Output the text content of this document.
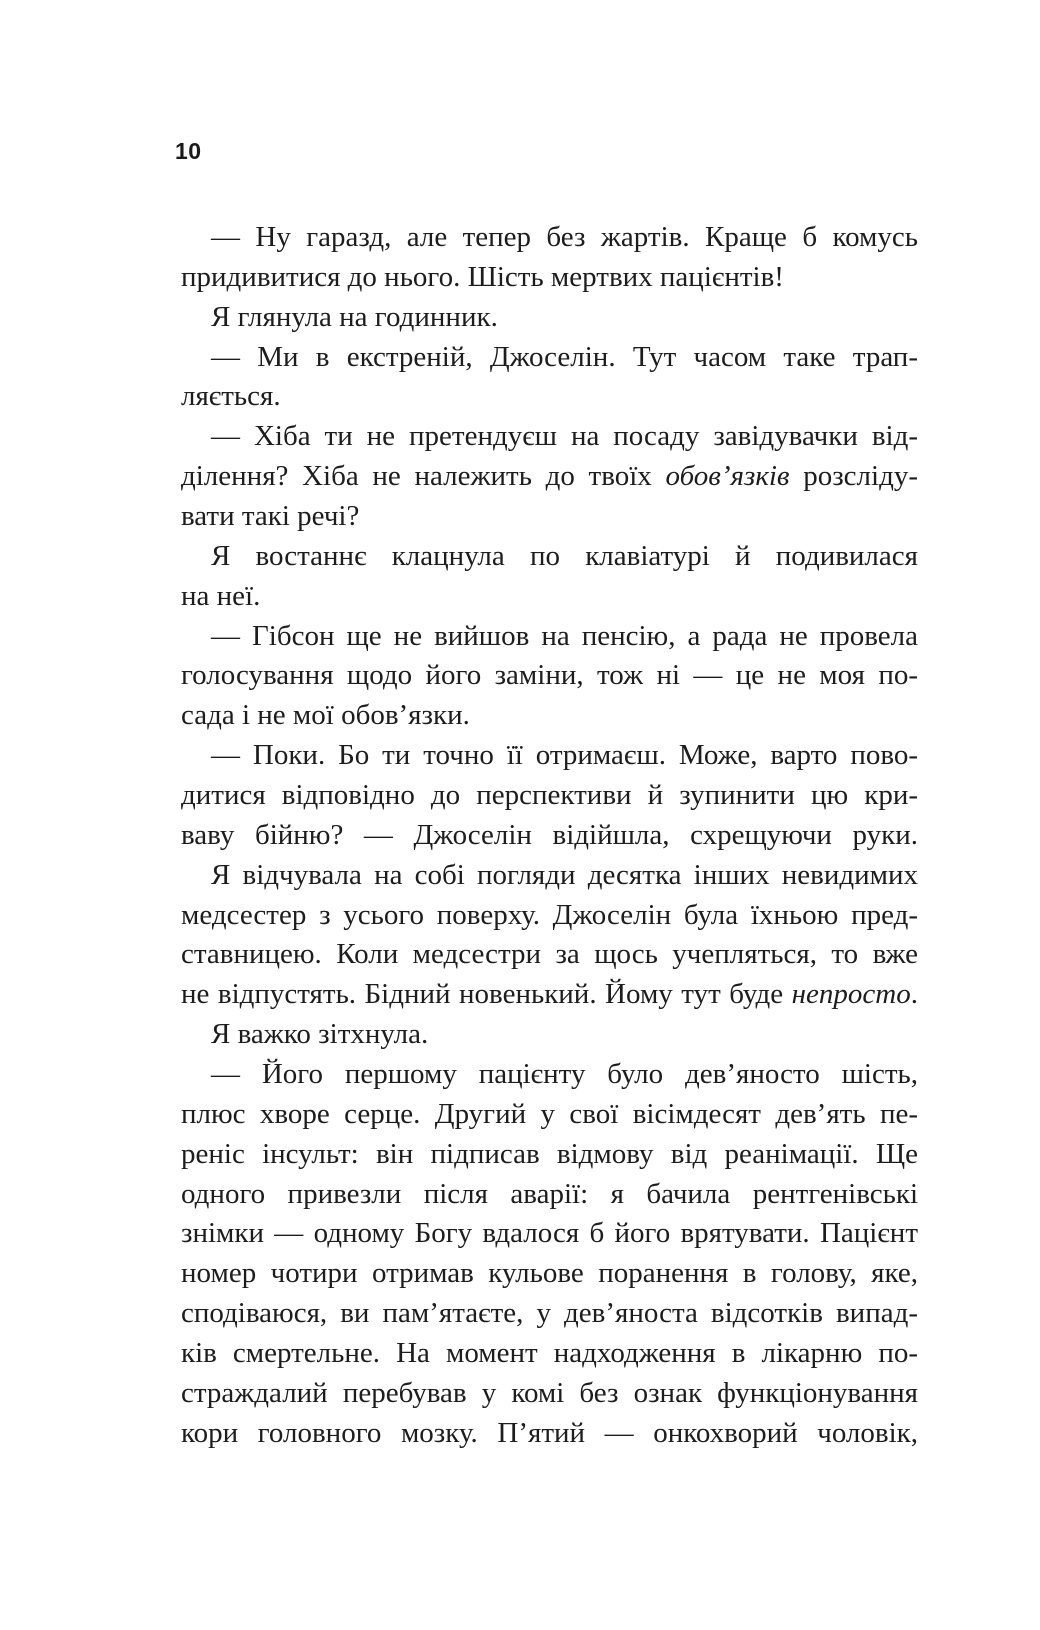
10
— Ну гаразд, але тепер без жартів. Краще б комусь
придивитися до нього. Шість мертвих пацієнтів!
Я глянула на годинник.
— Ми в екстреній, Джоселін. Тут часом таке трап-
ляється.
— Хіба ти не претендуєш на посаду завідувачки від-
ділення? Хіба не належить до твоїх обов’язків розсліду-
вати такі речі?
Я востаннє клацнула по клавіатурі й подивилася
на неї.
— Гібсон ще не вийшов на пенсію, а рада не провела
голосування щодо його заміни, тож ні — це не моя по-
сада і не мої обов’язки.
— Поки. Бо ти точно її отримаєш. Може, варто пово-
дитися відповідно до перспективи й зупинити цю кри-
ваву бійню? — Джоселін відійшла, схрещуючи руки.
Я відчувала на собі погляди десятка інших невидимих
медсестер з усього поверху. Джоселін була їхньою пред-
ставницею. Коли медсестри за щось учепляться, то вже
не відпустять. Бідний новенький. Йому тут буде непросто.
Я важко зітхнула.
— Його першому пацієнту було дев’яносто шість,
плюс хворе серце. Другий у свої вісімдесят дев’ять пе-
реніс інсульт: він підписав відмову від реанімації. Ще
одного привезли після аварії: я бачила рентгенівські
знімки — одному Богу вдалося б його врятувати. Пацієнт
номер чотири отримав кульове поранення в голову, яке,
сподіваюся, ви пам’ятаєте, у дев’яноста відсотків випад-
ків смертельне. На момент надходження в лікарню по-
страждалий перебував у комі без ознак функціонування
кори головного мозку. П’ятий — онкохворий чоловік,
